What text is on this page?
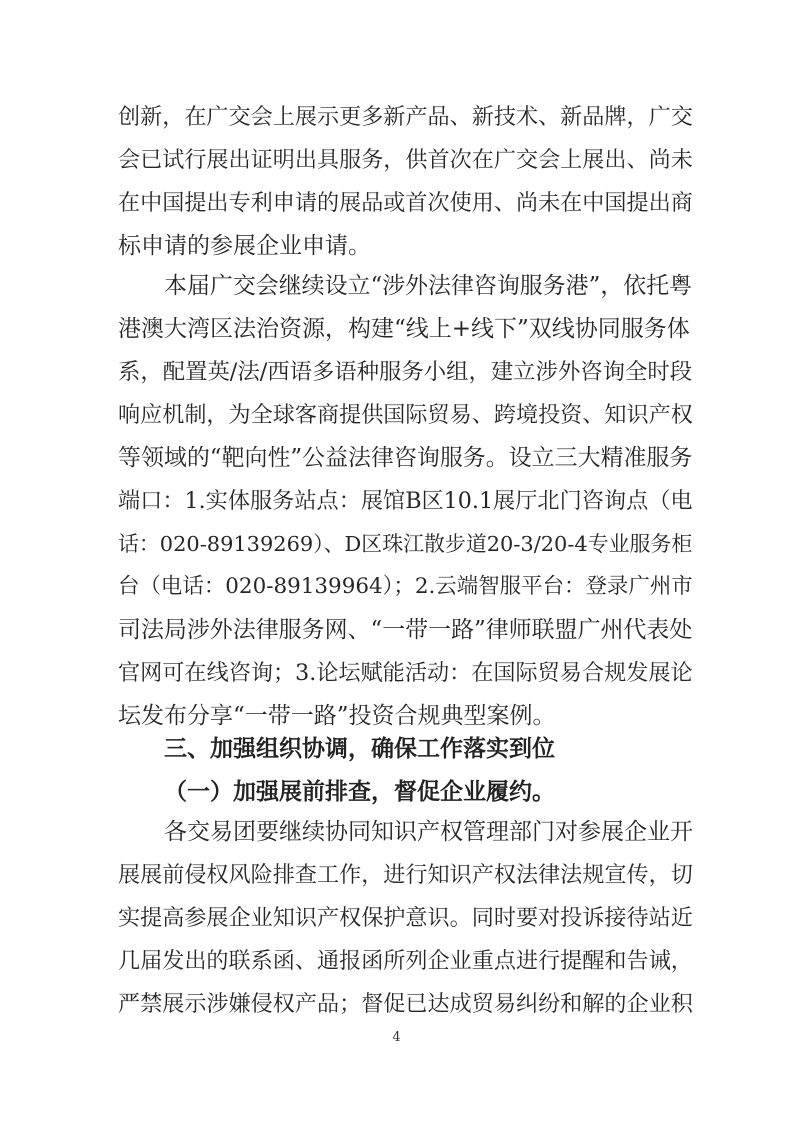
创新，在广交会上展示更多新产品、新技术、新品牌，广交
会已试行展出证明出具服务，供首次在广交会上展出、尚未
在中国提出专利申请的展品或首次使用、尚未在中国提出商
标申请的参展企业申请。
本届广交会继续设立“涉外法律咨询服务港”，依托粤
港澳大湾区法治资源，构建“线上+线下”双线协同服务体
系，配置英/法/西语多语种服务小组，建立涉外咨询全时段
响应机制，为全球客商提供国际贸易、跨境投资、知识产权
等领域的“靶向性”公益法律咨询服务。设立三大精准服务
端口：1.实体服务站点：展馆B区10.1展厅北门咨询点（电
话：020-89139269）、D区珠江散步道20-3/20-4专业服务柜
台（电话：020-89139964）；2.云端智服平台：登录广州市
司法局涉外法律服务网、“一带一路”律师联盟广州代表处
官网可在线咨询；3.论坛赋能活动：在国际贸易合规发展论
坛发布分享“一带一路”投资合规典型案例。
三、加强组织协调，确保工作落实到位
（一）加强展前排查，督促企业履约。
各交易团要继续协同知识产权管理部门对参展企业开
展展前侵权风险排查工作，进行知识产权法律法规宣传，切
实提高参展企业知识产权保护意识。同时要对投诉接待站近
几届发出的联系函、通报函所列企业重点进行提醒和告诫，
严禁展示涉嫌侵权产品；督促已达成贸易纠纷和解的企业积
4
